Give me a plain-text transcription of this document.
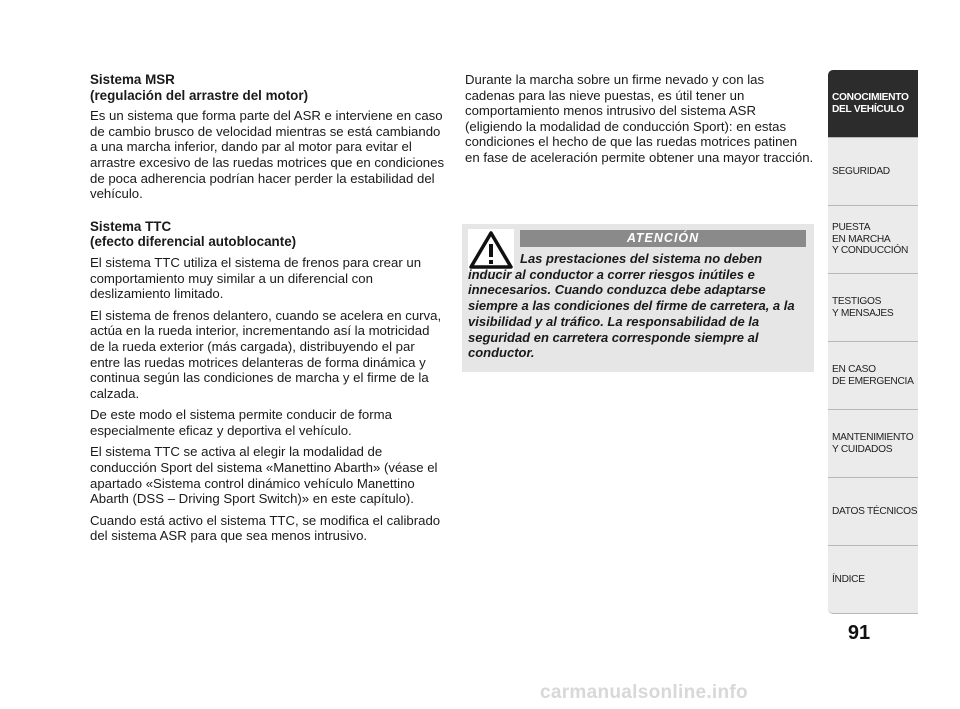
Sistema MSR

(regulación del arrastre del motor)

Es un sistema que forma parte del ASR e interviene en caso de cambio brusco de velocidad mientras se está cambiando a una marcha inferior, dando par al motor para evitar el arrastre excesivo de las ruedas motrices que en condiciones de poca adherencia podrían hacer perder la estabilidad del vehículo.

Sistema TTC

(efecto diferencial autoblocante)

El sistema TTC utiliza el sistema de frenos para crear un comportamiento muy similar a un diferencial con deslizamiento limitado.

El sistema de frenos delantero, cuando se acelera en curva, actúa en la rueda interior, incrementando así la motricidad de la rueda exterior (más cargada), distribuyendo el par entre las ruedas motrices delanteras de forma dinámica y continua según las condiciones de marcha y el firme de la calzada.

De este modo el sistema permite conducir de forma especialmente eficaz y deportiva el vehículo.

El sistema TTC se activa al elegir la modalidad de conducción Sport del sistema «Manettino Abarth» (véase el apartado «Sistema control dinámico vehículo Manettino Abarth (DSS – Driving Sport Switch)» en este capítulo).

Cuando está activo el sistema TTC, se modifica el calibrado del sistema ASR para que sea menos intrusivo.

Durante la marcha sobre un firme nevado y con las cadenas para las nieve puestas, es útil tener un comportamiento menos intrusivo del sistema ASR (eligiendo la modalidad de conducción Sport): en estas condiciones el hecho de que las ruedas motrices patinen en fase de aceleración permite obtener una mayor tracción.

ATENCIÓN
Las prestaciones del sistema no deben inducir al conductor a correr riesgos inútiles e innecesarios. Cuando conduzca debe adaptarse siempre a las condiciones del firme de carretera, a la visibilidad y al tráfico. La responsabilidad de la seguridad en carretera corresponde siempre al conductor.
CONOCIMIENTO
DEL VEHÍCULO
SEGURIDAD
PUESTA
EN MARCHA
Y CONDUCCIÓN
TESTIGOS
Y MENSAJES
EN CASO
DE EMERGENCIA
MANTENIMIENTO
Y CUIDADOS
DATOS TÉCNICOS
ÍNDICE
91
carmanualsonline.info
